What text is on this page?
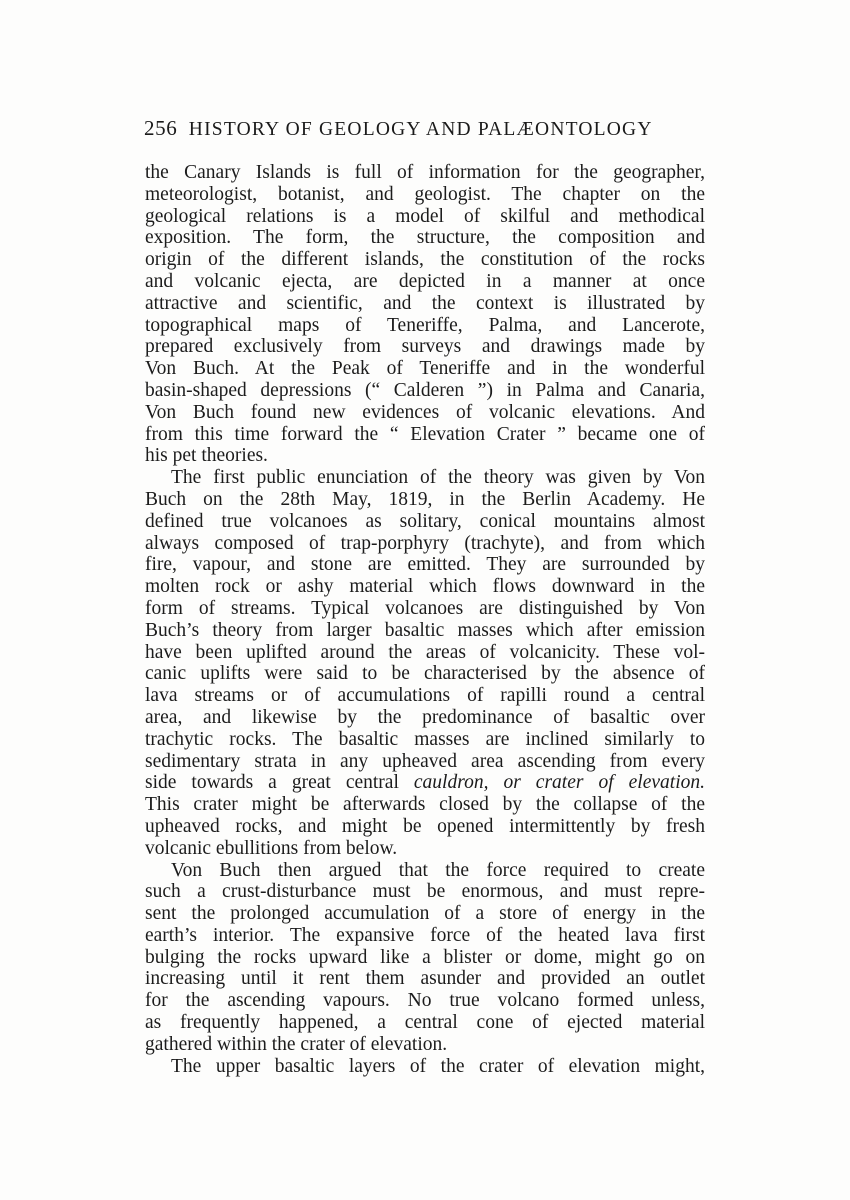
256 HISTORY OF GEOLOGY AND PALÆONTOLOGY

the Canary Islands is full of information for the geographer,
meteorologist, botanist, and geologist. The chapter on the
geological relations is a model of skilful and methodical
exposition. The form, the structure, the composition and
origin of the different islands, the constitution of the rocks
and volcanic ejecta, are depicted in a manner at once
attractive and scientific, and the context is illustrated by
topographical maps of Teneriffe, Palma, and Lancerote,
prepared exclusively from surveys and drawings made by
Von Buch. At the Peak of Teneriffe and in the wonderful
basin-shaped depressions (“ Calderen ”) in Palma and Canaria,
Von Buch found new evidences of volcanic elevations. And
from this time forward the “ Elevation Crater ” became one of
his pet theories.

The first public enunciation of the theory was given by Von
Buch on the 28th May, 1819, in the Berlin Academy. He
defined true volcanoes as solitary, conical mountains almost
always composed of trap-porphyry (trachyte), and from which
fire, vapour, and stone are emitted. They are surrounded by
molten rock or ashy material which flows downward in the
form of streams. Typical volcanoes are distinguished by Von
Buch’s theory from larger basaltic masses which after emission
have been uplifted around the areas of volcanicity. These vol-
canic uplifts were said to be characterised by the absence of
lava streams or of accumulations of rapilli round a central
area, and likewise by the predominance of basaltic over
trachytic rocks. The basaltic masses are inclined similarly to
sedimentary strata in any upheaved area ascending from every
side towards a great central cauldron, or crater of elevation.
This crater might be afterwards closed by the collapse of the
upheaved rocks, and might be opened intermittently by fresh
volcanic ebullitions from below.

Von Buch then argued that the force required to create
such a crust-disturbance must be enormous, and must repre-
sent the prolonged accumulation of a store of energy in the
earth’s interior. The expansive force of the heated lava first
bulging the rocks upward like a blister or dome, might go on
increasing until it rent them asunder and provided an outlet
for the ascending vapours. No true volcano formed unless,
as frequently happened, a central cone of ejected material
gathered within the crater of elevation.

The upper basaltic layers of the crater of elevation might,
